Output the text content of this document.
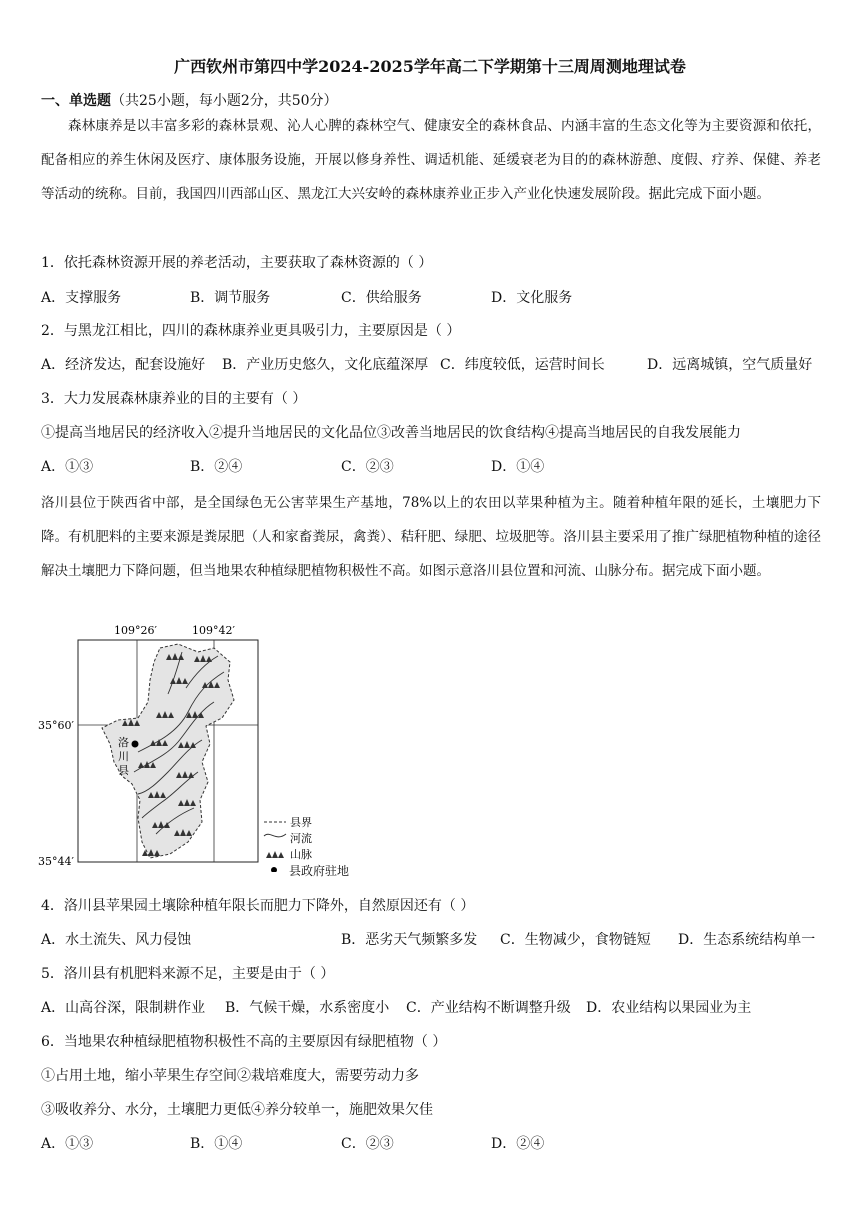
广西钦州市第四中学2024-2025学年高二下学期第十三周周测地理试卷
一、单选题（共25小题，每小题2分，共50分）
森林康养是以丰富多彩的森林景观、沁人心脾的森林空气、健康安全的森林食品、内涵丰富的生态文化等为主要资源和依托，配备相应的养生休闲及医疗、康体服务设施，开展以修身养性、调适机能、延缓衰老为目的的森林游憩、度假、疗养、保健、养老等活动的统称。目前，我国四川西部山区、黑龙江大兴安岭的森林康养业正步入产业化快速发展阶段。据此完成下面小题。
1．依托森林资源开展的养老活动，主要获取了森林资源的（ ）
A．支撑服务	B．调节服务	C．供给服务	D．文化服务
2．与黑龙江相比，四川的森林康养业更具吸引力，主要原因是（ ）
A．经济发达，配套设施好 B．产业历史悠久，文化底蕴深厚 C．纬度较低，运营时间长	D．远离城镇，空气质量好
3．大力发展森林康养业的目的主要有（ ）
①提高当地居民的经济收入②提升当地居民的文化品位③改善当地居民的饮食结构④提高当地居民的自我发展能力
A．①③	B．②④	C．②③	D．①④
洛川县位于陕西省中部，是全国绿色无公害苹果生产基地，78%以上的农田以苹果种植为主。随着种植年限的延长，土壤肥力下降。有机肥料的主要来源是粪尿肥（人和家畜粪尿，禽粪）、秸秆肥、绿肥、垃圾肥等。洛川县主要采用了推广绿肥植物种植的途径解决土壤肥力下降问题，但当地果农种植绿肥植物积极性不高。如图示意洛川县位置和河流、山脉分布。据完成下面小题。
洛
川
县
109°26′	109°42′
35°60′
35°44′
县界
河流
山脉
县政府驻地
4．洛川县苹果园土壤除种植年限长而肥力下降外，自然原因还有（ ）
A．水土流失、风力侵蚀	B．恶劣天气频繁多发 C．生物减少，食物链短 D．生态系统结构单一
5．洛川县有机肥料来源不足，主要是由于（ ）
A．山高谷深，限制耕作业 B．气候干燥，水系密度小 C．产业结构不断调整升级 D．农业结构以果园业为主
6．当地果农种植绿肥植物积极性不高的主要原因有绿肥植物（ ）
①占用土地，缩小苹果生存空间②栽培难度大，需要劳动力多
③吸收养分、水分，土壤肥力更低④养分较单一，施肥效果欠佳
A．①③	B．①④	C．②③	D．②④
